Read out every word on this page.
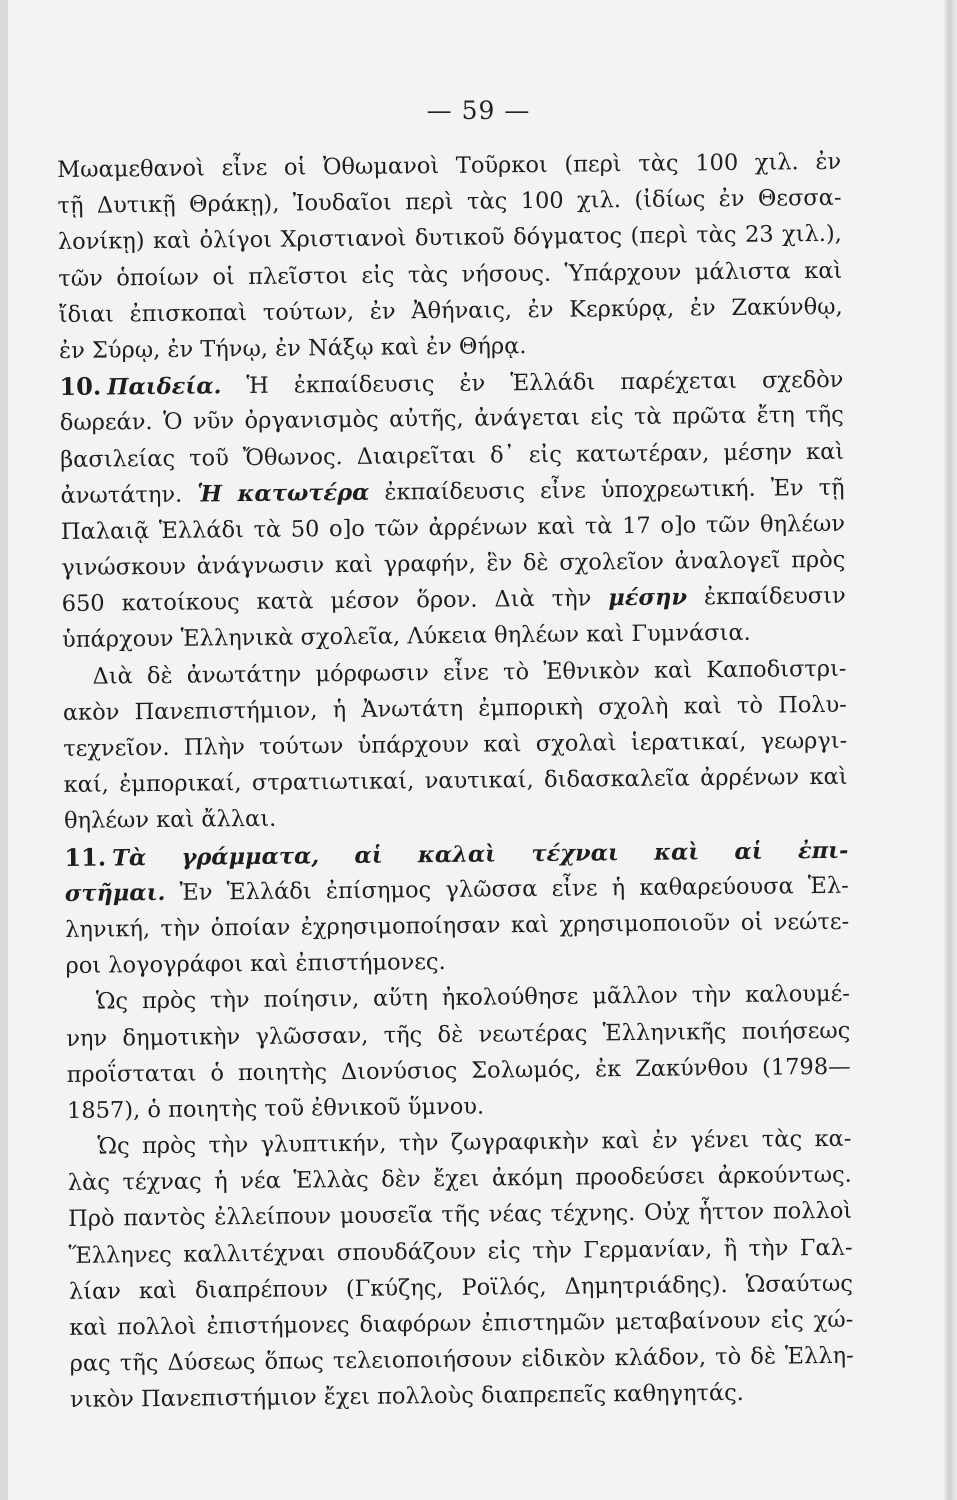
— 59 —
Μωαμεθανοὶ εἶνε οἱ Ὀθωμανοὶ Τοῦρκοι (περὶ τὰς 100 χιλ. ἐν
τῇ Δυτικῇ Θράκῃ), Ἰουδαῖοι περὶ τὰς 100 χιλ. (ἰδίως ἐν Θεσσα-
λονίκῃ) καὶ ὀλίγοι Χριστιανοὶ δυτικοῦ δόγματος (περὶ τὰς 23 χιλ.),
τῶν ὁποίων οἱ πλεῖστοι εἰς τὰς νήσους. Ὑπάρχουν μάλιστα καὶ
ἴδιαι ἐπισκοπαὶ τούτων, ἐν Ἀθήναις, ἐν Κερκύρᾳ, ἐν Ζακύνθῳ,
ἐν Σύρῳ, ἐν Τήνῳ, ἐν Νάξῳ καὶ ἐν Θήρᾳ.
10. Παιδεία. Ἡ ἐκπαίδευσις ἐν Ἑλλάδι παρέχεται σχεδὸν
δωρεάν. Ὁ νῦν ὀργανισμὸς αὐτῆς, ἀνάγεται εἰς τὰ πρῶτα ἔτη τῆς
βασιλείας τοῦ Ὄθωνος. Διαιρεῖται δ᾽ εἰς κατωτέραν, μέσην καὶ
ἀνωτάτην. Ἡ κατωτέρα ἐκπαίδευσις εἶνε ὑποχρεωτική. Ἐν τῇ
Παλαιᾷ Ἑλλάδι τὰ 50 ο]ο τῶν ἀρρένων καὶ τὰ 17 ο]ο τῶν θηλέων
γινώσκουν ἀνάγνωσιν καὶ γραφήν, ἓν δὲ σχολεῖον ἀναλογεῖ πρὸς
650 κατοίκους κατὰ μέσον ὅρον. Διὰ τὴν μέσην ἐκπαίδευσιν
ὑπάρχουν Ἑλληνικὰ σχολεῖα, Λύκεια θηλέων καὶ Γυμνάσια.
Διὰ δὲ ἀνωτάτην μόρφωσιν εἶνε τὸ Ἐθνικὸν καὶ Καποδιστρι-
ακὸν Πανεπιστήμιον, ἡ Ἀνωτάτη ἐμπορικὴ σχολὴ καὶ τὸ Πολυ-
τεχνεῖον. Πλὴν τούτων ὑπάρχουν καὶ σχολαὶ ἱερατικαί, γεωργι-
καί, ἐμπορικαί, στρατιωτικαί, ναυτικαί, διδασκαλεῖα ἀρρένων καὶ
θηλέων καὶ ἄλλαι.
11. Τὰ γράμματα, αἱ καλαὶ τέχναι καὶ αἱ ἐπι-
στῆμαι. Ἐν Ἑλλάδι ἐπίσημος γλῶσσα εἶνε ἡ καθαρεύουσα Ἑλ-
ληνική, τὴν ὁποίαν ἐχρησιμοποίησαν καὶ χρησιμοποιοῦν οἱ νεώτε-
ροι λογογράφοι καὶ ἐπιστήμονες.
Ὡς πρὸς τὴν ποίησιν, αὕτη ἠκολούθησε μᾶλλον τὴν καλουμέ-
νην δημοτικὴν γλῶσσαν, τῆς δὲ νεωτέρας Ἑλληνικῆς ποιήσεως
προΐσταται ὁ ποιητὴς Διονύσιος Σολωμός, ἐκ Ζακύνθου (1798—
1857), ὁ ποιητὴς τοῦ ἐθνικοῦ ὕμνου.
Ὡς πρὸς τὴν γλυπτικήν, τὴν ζωγραφικὴν καὶ ἐν γένει τὰς κα-
λὰς τέχνας ἡ νέα Ἑλλὰς δὲν ἔχει ἀκόμη προοδεύσει ἀρκούντως.
Πρὸ παντὸς ἐλλείπουν μουσεῖα τῆς νέας τέχνης. Οὐχ ἧττον πολλοὶ
Ἕλληνες καλλιτέχναι σπουδάζουν εἰς τὴν Γερμανίαν, ἢ τὴν Γαλ-
λίαν καὶ διαπρέπουν (Γκύζης, Ροϊλός, Δημητριάδης). Ὡσαύτως
καὶ πολλοὶ ἐπιστήμονες διαφόρων ἐπιστημῶν μεταβαίνουν εἰς χώ-
ρας τῆς Δύσεως ὅπως τελειοποιήσουν εἰδικὸν κλάδον, τὸ δὲ Ἑλλη-
νικὸν Πανεπιστήμιον ἔχει πολλοὺς διαπρεπεῖς καθηγητάς.
